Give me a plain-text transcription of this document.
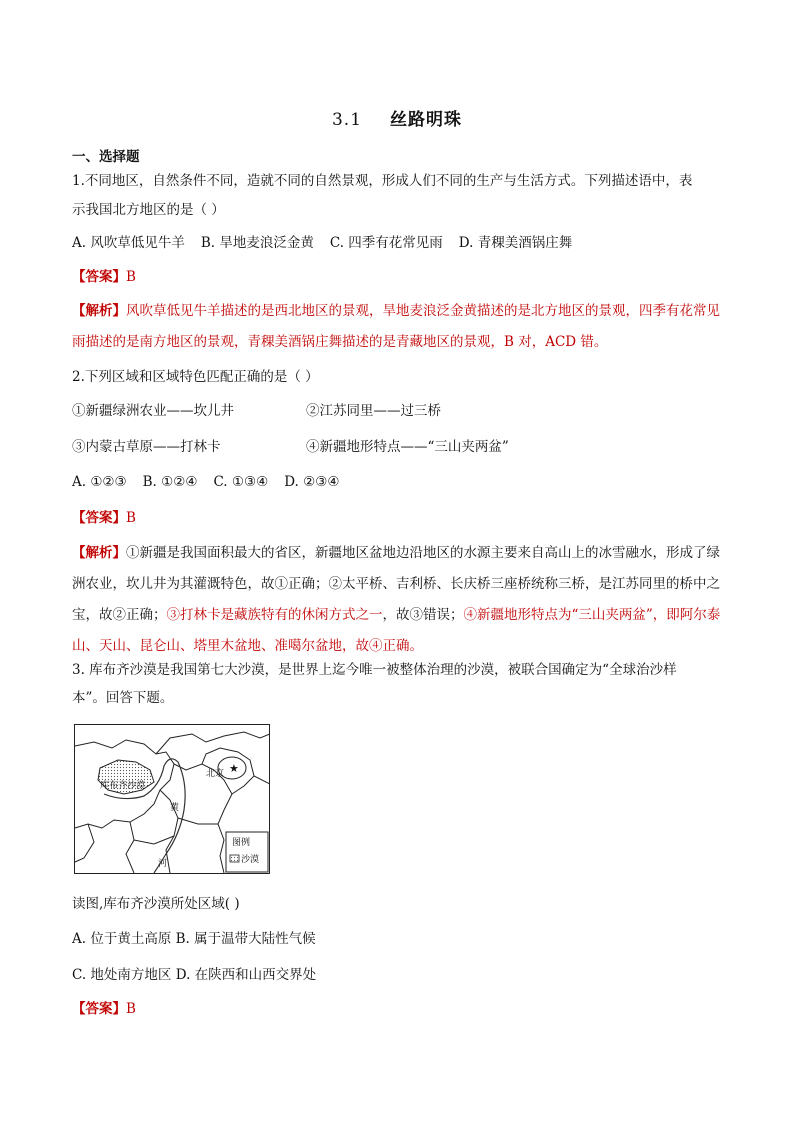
3.1 丝路明珠
一、选择题
1.不同地区，自然条件不同，造就不同的自然景观，形成人们不同的生产与生活方式。下列描述语中，表
示我国北方地区的是（ ）
A. 风吹草低见牛羊 B. 旱地麦浪泛金黄 C. 四季有花常见雨 D. 青稞美酒锅庄舞
【答案】B
【解析】风吹草低见牛羊描述的是西北地区的景观，旱地麦浪泛金黄描述的是北方地区的景观，四季有花常见雨描述的是南方地区的景观，青稞美酒锅庄舞描述的是青藏地区的景观，B 对，ACD 错。
2.下列区域和区域特色匹配正确的是（ ）
①新疆绿洲农业——坎儿井	②江苏同里——过三桥
③内蒙古草原——打林卡	④新疆地形特点——“三山夹两盆”
A. ①②③ B. ①②④ C. ①③④ D. ②③④
【答案】B
【解析】①新疆是我国面积最大的省区，新疆地区盆地边沿地区的水源主要来自高山上的冰雪融水，形成了绿洲农业，坎儿井为其灌溉特色，故①正确；②太平桥、吉利桥、长庆桥三座桥统称三桥，是江苏同里的桥中之宝，故②正确；③打林卡是藏族特有的休闲方式之一，故③错误；④新疆地形特点为“三山夹两盆”，即阿尔泰山、天山、昆仑山、塔里木盆地、准噶尔盆地，故④正确。
3. 库布齐沙漠是我国第七大沙漠，是世界上迄今唯一被整体治理的沙漠，被联合国确定为“全球治沙样
本”。回答下题。
★
北京
库布齐沙漠
黄
河
图例
沙漠
读图,库布齐沙漠所处区域( )
A. 位于黄土高原 B. 属于温带大陆性气候
C. 地处南方地区 D. 在陕西和山西交界处
【答案】B
